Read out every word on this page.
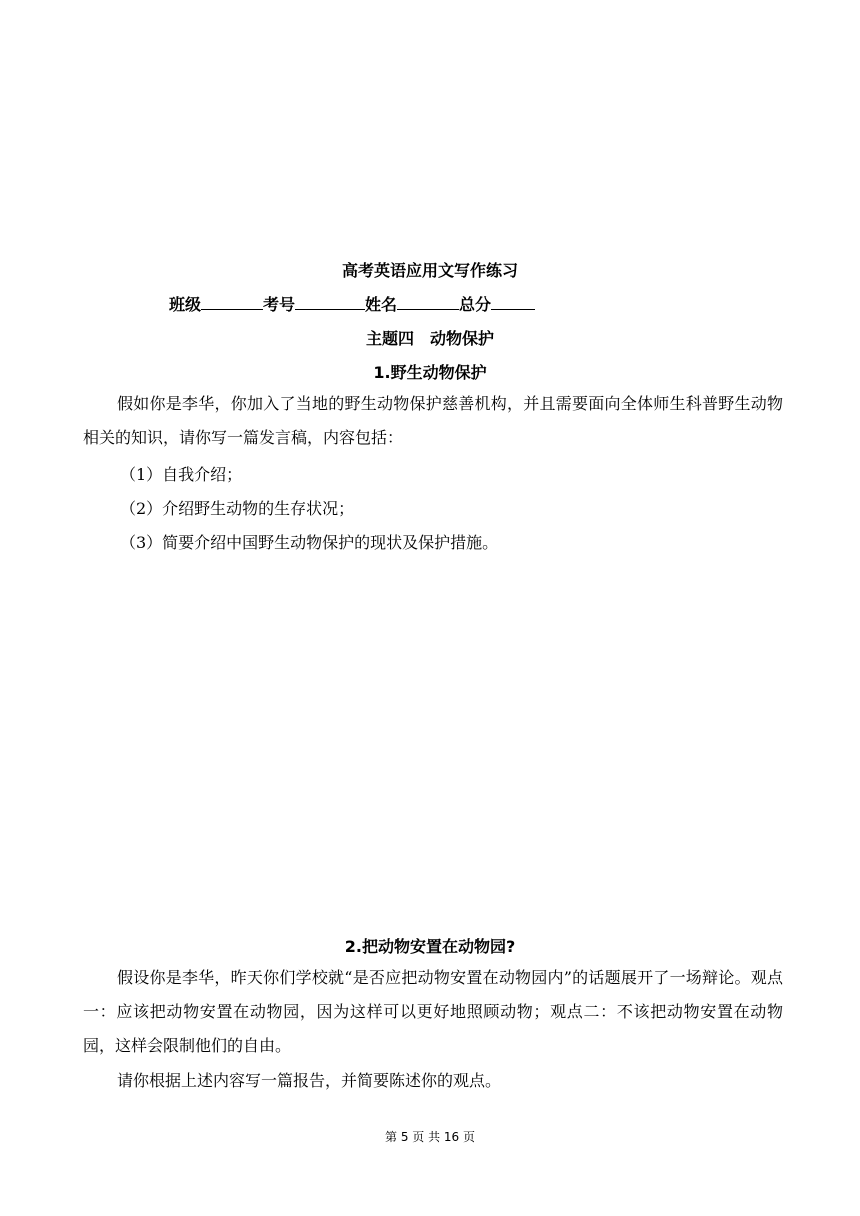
高考英语应用文写作练习
班级	考号	姓名	总分
主题四　动物保护
1.野生动物保护
假如你是李华，你加入了当地的野生动物保护慈善机构，并且需要面向全体师生科普野生动物相关的知识，请你写一篇发言稿，内容包括：
（1）自我介绍；
（2）介绍野生动物的生存状况；
（3）简要介绍中国野生动物保护的现状及保护措施。
2.把动物安置在动物园?
假设你是李华，昨天你们学校就“是否应把动物安置在动物园内”的话题展开了一场辩论。观点一：应该把动物安置在动物园，因为这样可以更好地照顾动物；观点二：不该把动物安置在动物园，这样会限制他们的自由。
请你根据上述内容写一篇报告，并简要陈述你的观点。
第 5 页 共 16 页
